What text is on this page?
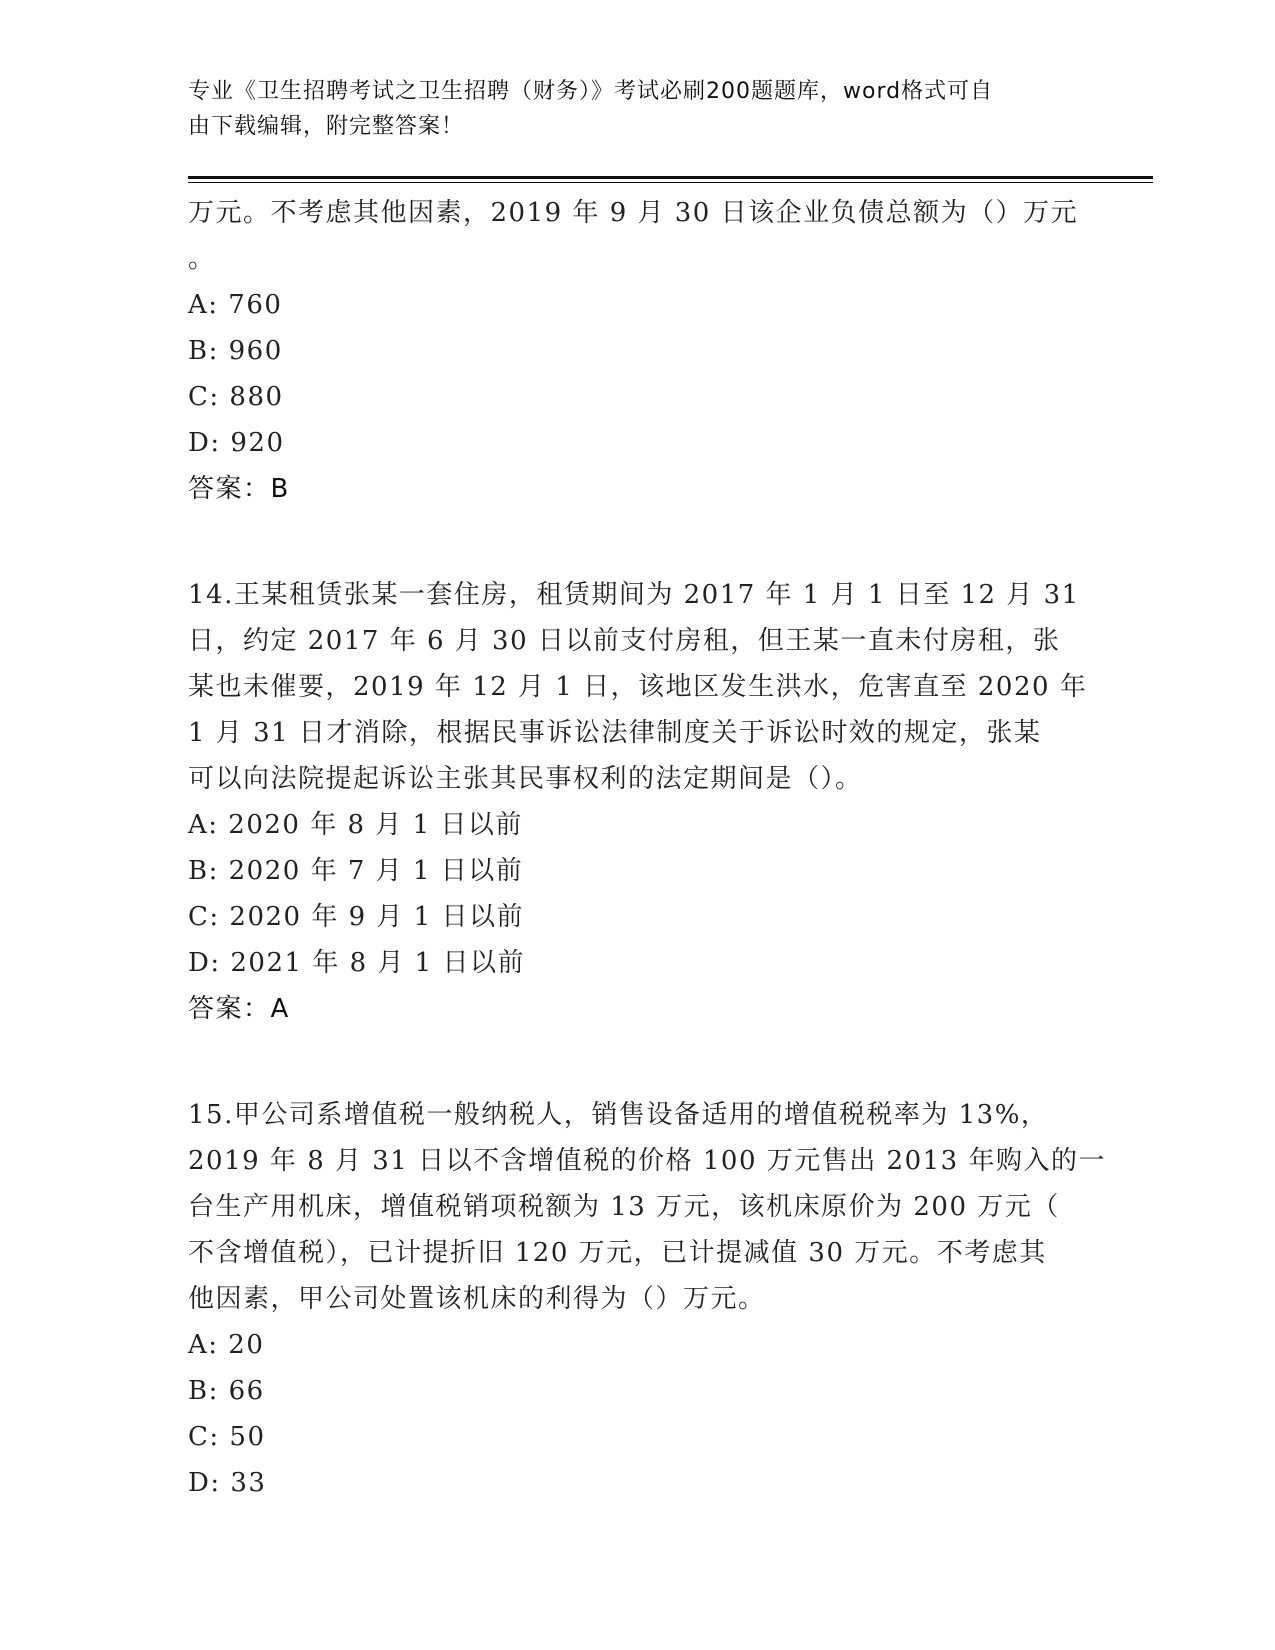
专业《卫生招聘考试之卫生招聘（财务）》考试必刷200题题库，word格式可自
由下载编辑，附完整答案！
万元。不考虑其他因素，2019 年 9 月 30 日该企业负债总额为（）万元
。
A: 760
B: 960
C: 880
D: 920
答案：B
14.王某租赁张某一套住房，租赁期间为 2017 年 1 月 1 日至 12 月 31
日，约定 2017 年 6 月 30 日以前支付房租，但王某一直未付房租，张
某也未催要，2019 年 12 月 1 日，该地区发生洪水，危害直至 2020 年
1 月 31 日才消除，根据民事诉讼法律制度关于诉讼时效的规定，张某
可以向法院提起诉讼主张其民事权利的法定期间是（）。
A: 2020 年 8 月 1 日以前
B: 2020 年 7 月 1 日以前
C: 2020 年 9 月 1 日以前
D: 2021 年 8 月 1 日以前
答案：A
15.甲公司系增值税一般纳税人，销售设备适用的增值税税率为 13%，
2019 年 8 月 31 日以不含增值税的价格 100 万元售出 2013 年购入的一
台生产用机床，增值税销项税额为 13 万元，该机床原价为 200 万元（
不含增值税），已计提折旧 120 万元，已计提减值 30 万元。不考虑其
他因素，甲公司处置该机床的利得为（）万元。
A: 20
B: 66
C: 50
D: 33
